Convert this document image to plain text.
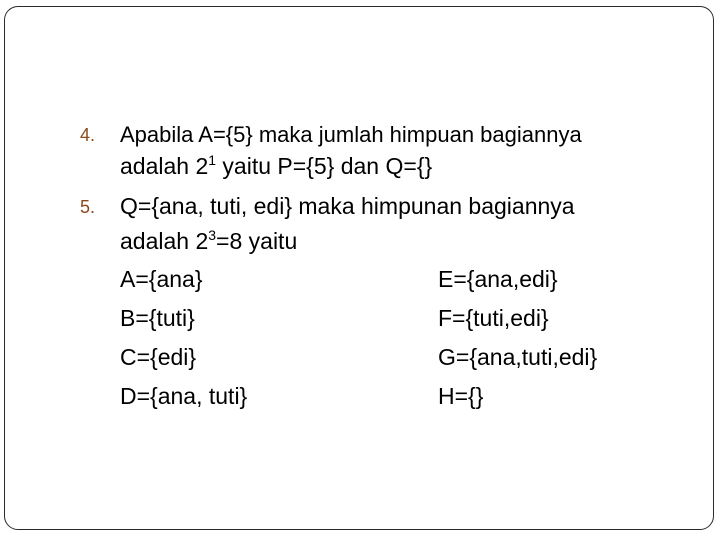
4. Apabila A={5} maka jumlah himpuan bagiannya
adalah $2^1$ yaitu P={5} dan Q={}
5. Q={ana, tuti, edi} maka himpunan bagiannya
adalah $2^3=8$ yaitu
A={ana}
B={tuti}
C={edi}
D={ana, tuti}
E={ana,edi}
F={tuti,edi}
G={ana,tuti,edi}
H={}
